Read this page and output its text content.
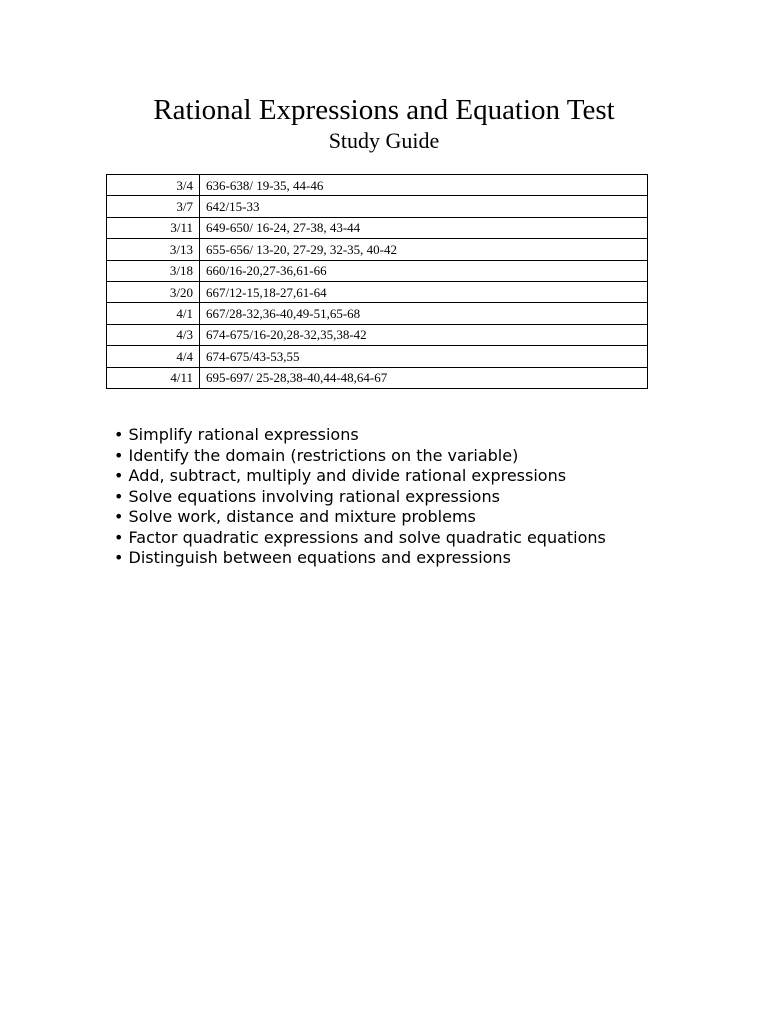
Rational Expressions and Equation Test
Study Guide
3/4	636-638/ 19-35, 44-46
3/7	642/15-33
3/11	649-650/ 16-24, 27-38, 43-44
3/13	655-656/ 13-20, 27-29, 32-35, 40-42
3/18	660/16-20,27-36,61-66
3/20	667/12-15,18-27,61-64
4/1	667/28-32,36-40,49-51,65-68
4/3	674-675/16-20,28-32,35,38-42
4/4	674-675/43-53,55
4/11	695-697/ 25-28,38-40,44-48,64-67
• Simplify rational expressions
• Identify the domain (restrictions on the variable)
• Add, subtract, multiply and divide rational expressions
• Solve equations involving rational expressions
• Solve work, distance and mixture problems
• Factor quadratic expressions and solve quadratic equations
• Distinguish between equations and expressions
